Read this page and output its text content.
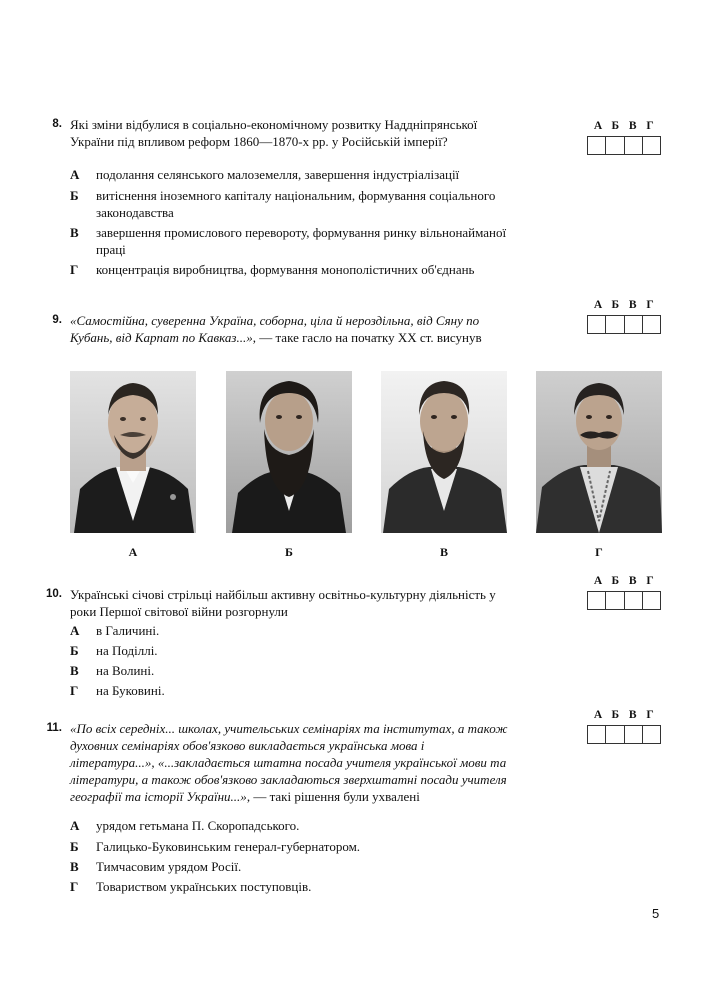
8. Які зміни відбулися в соціально-економічному розвитку Наддніпрянської України під впливом реформ 1860—1870-х рр. у Російській імперії?
А подолання селянського малоземелля, завершення індустріалізації
Б витіснення іноземного капіталу національним, формування соціального законодавства
В завершення промислового перевороту, формування ринку вільнонайманої праці
Г концентрація виробництва, формування монополістичних об'єднань
А Б В Г
9. «Самостійна, суверенна Україна, соборна, ціла й нероздільна, від Сяну по Кубань, від Карпат по Кавказ...», — таке гасло на початку XX ст. висунув
А Б В Г
А	Б	В	Г
10. Українські січові стрільці найбільш активну освітньо-культурну діяльність у роки Першої світової війни розгорнули
А в Галичині.
Б на Поділлі.
В на Волині.
Г на Буковині.
А Б В Г
11. «По всіх середніх... школах, учительських семінаріях та інститутах, а також духовних семінаріях обов'язково викладається українська мова і література...», «...закладається штатна посада учителя української мови та літератури, а також обов'язково закладаються зверхштатні посади учителя географії та історії України...», — такі рішення були ухвалені
А урядом гетьмана П. Скоропадського.
Б Галицько-Буковинським генерал-губернатором.
В Тимчасовим урядом Росії.
Г Товариством українських поступовців.
А Б В Г
5
